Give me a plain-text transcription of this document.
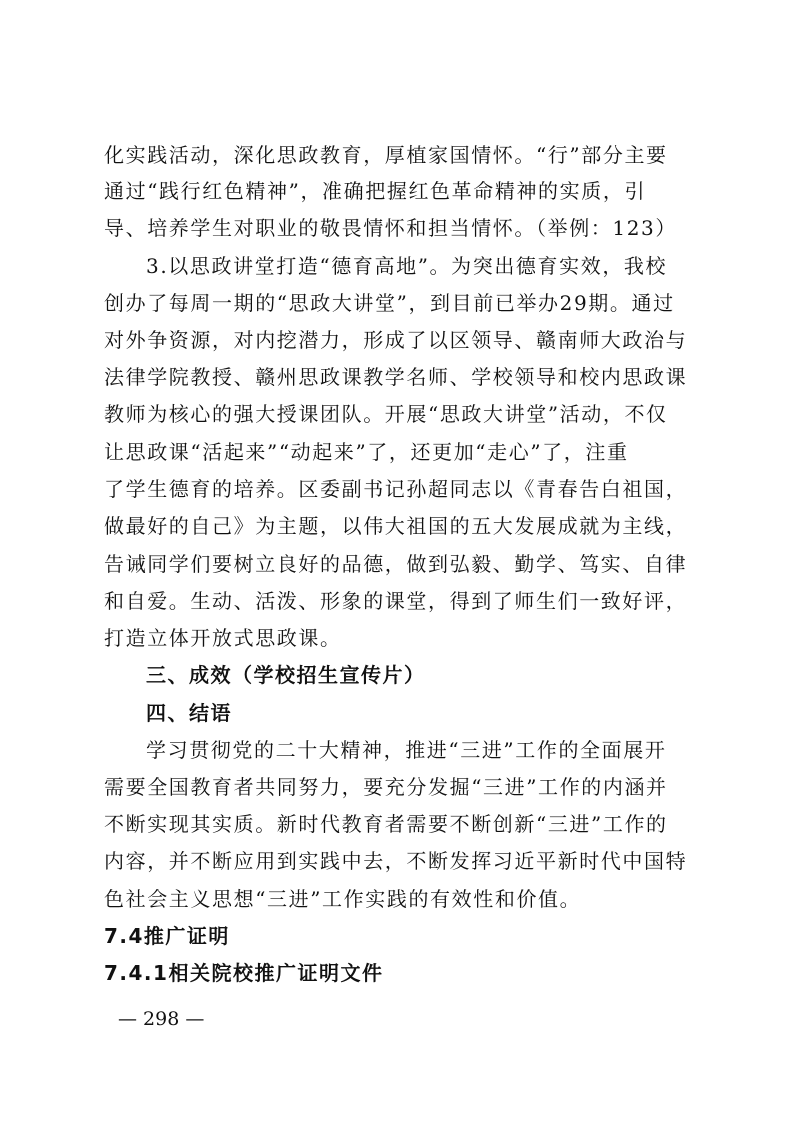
化实践活动，深化思政教育，厚植家国情怀。“行”部分主要
通过“践行红色精神”，准确把握红色革命精神的实质，引
导、培养学生对职业的敬畏情怀和担当情怀。（举例：123）
3.以思政讲堂打造“德育高地”。为突出德育实效，我校
创办了每周一期的“思政大讲堂”，到目前已举办29期。通过
对外争资源，对内挖潜力，形成了以区领导、赣南师大政治与
法律学院教授、赣州思政课教学名师、学校领导和校内思政课
教师为核心的强大授课团队。开展“思政大讲堂”活动，不仅
让思政课“活起来”“动起来”了，还更加“走心”了，注重
了学生德育的培养。区委副书记孙超同志以《青春告白祖国，
做最好的自己》为主题，以伟大祖国的五大发展成就为主线，
告诫同学们要树立良好的品德，做到弘毅、勤学、笃实、自律
和自爱。生动、活泼、形象的课堂，得到了师生们一致好评，
打造立体开放式思政课。
三、成效（学校招生宣传片）
四、结语
学习贯彻党的二十大精神，推进“三进”工作的全面展开
需要全国教育者共同努力，要充分发掘“三进”工作的内涵并
不断实现其实质。新时代教育者需要不断创新“三进”工作的
内容，并不断应用到实践中去，不断发挥习近平新时代中国特
色社会主义思想“三进”工作实践的有效性和价值。
7.4推广证明
7.4.1相关院校推广证明文件
— 298 —
